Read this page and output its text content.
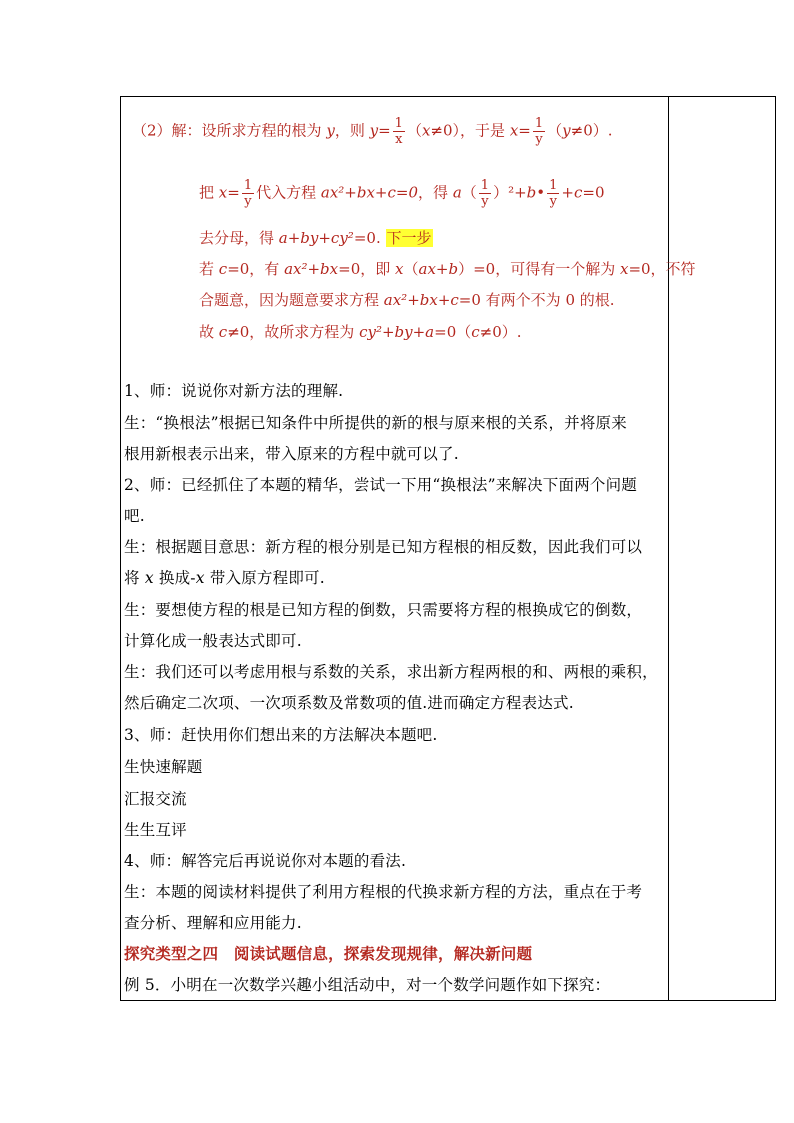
（2）解：设所求方程的根为 y，则 $y= \frac{1}{x} (x\ne 0)$，于是 $x= \frac{1}{y} (y\ne 0)$.
把 $x= \frac{1}{y}$ 代入方程 ax²+bx+c=0，得 $a( \frac{1}{y}$ ）²+b• $\frac{1}{y} +c=0$
去分母，得 a+by+cy²=0. 下一步
若 c=0，有 ax²+bx=0，即 x（ax+b）=0，可得有一个解为 x=0，不符
合题意，因为题意要求方程 ax²+bx+c=0 有两个不为 0 的根.
故 c≠0，故所求方程为 cy²+by+a=0（c≠0）.
1、师：说说你对新方法的理解.
生：“换根法”根据已知条件中所提供的新的根与原来根的关系，并将原来
根用新根表示出来，带入原来的方程中就可以了.
2、师：已经抓住了本题的精华，尝试一下用“换根法”来解决下面两个问题
吧.
生：根据题目意思：新方程的根分别是已知方程根的相反数，因此我们可以
将 x 换成-x 带入原方程即可.
生：要想使方程的根是已知方程的倒数，只需要将方程的根换成它的倒数，
计算化成一般表达式即可.
生：我们还可以考虑用根与系数的关系，求出新方程两根的和、两根的乘积，
然后确定二次项、一次项系数及常数项的值.进而确定方程表达式.
3、师：赶快用你们想出来的方法解决本题吧.
生快速解题
汇报交流
生生互评
4、师：解答完后再说说你对本题的看法.
生：本题的阅读材料提供了利用方程根的代换求新方程的方法，重点在于考
查分析、理解和应用能力.
探究类型之四　阅读试题信息，探索发现规律，解决新问题
例 5．小明在一次数学兴趣小组活动中，对一个数学问题作如下探究：
